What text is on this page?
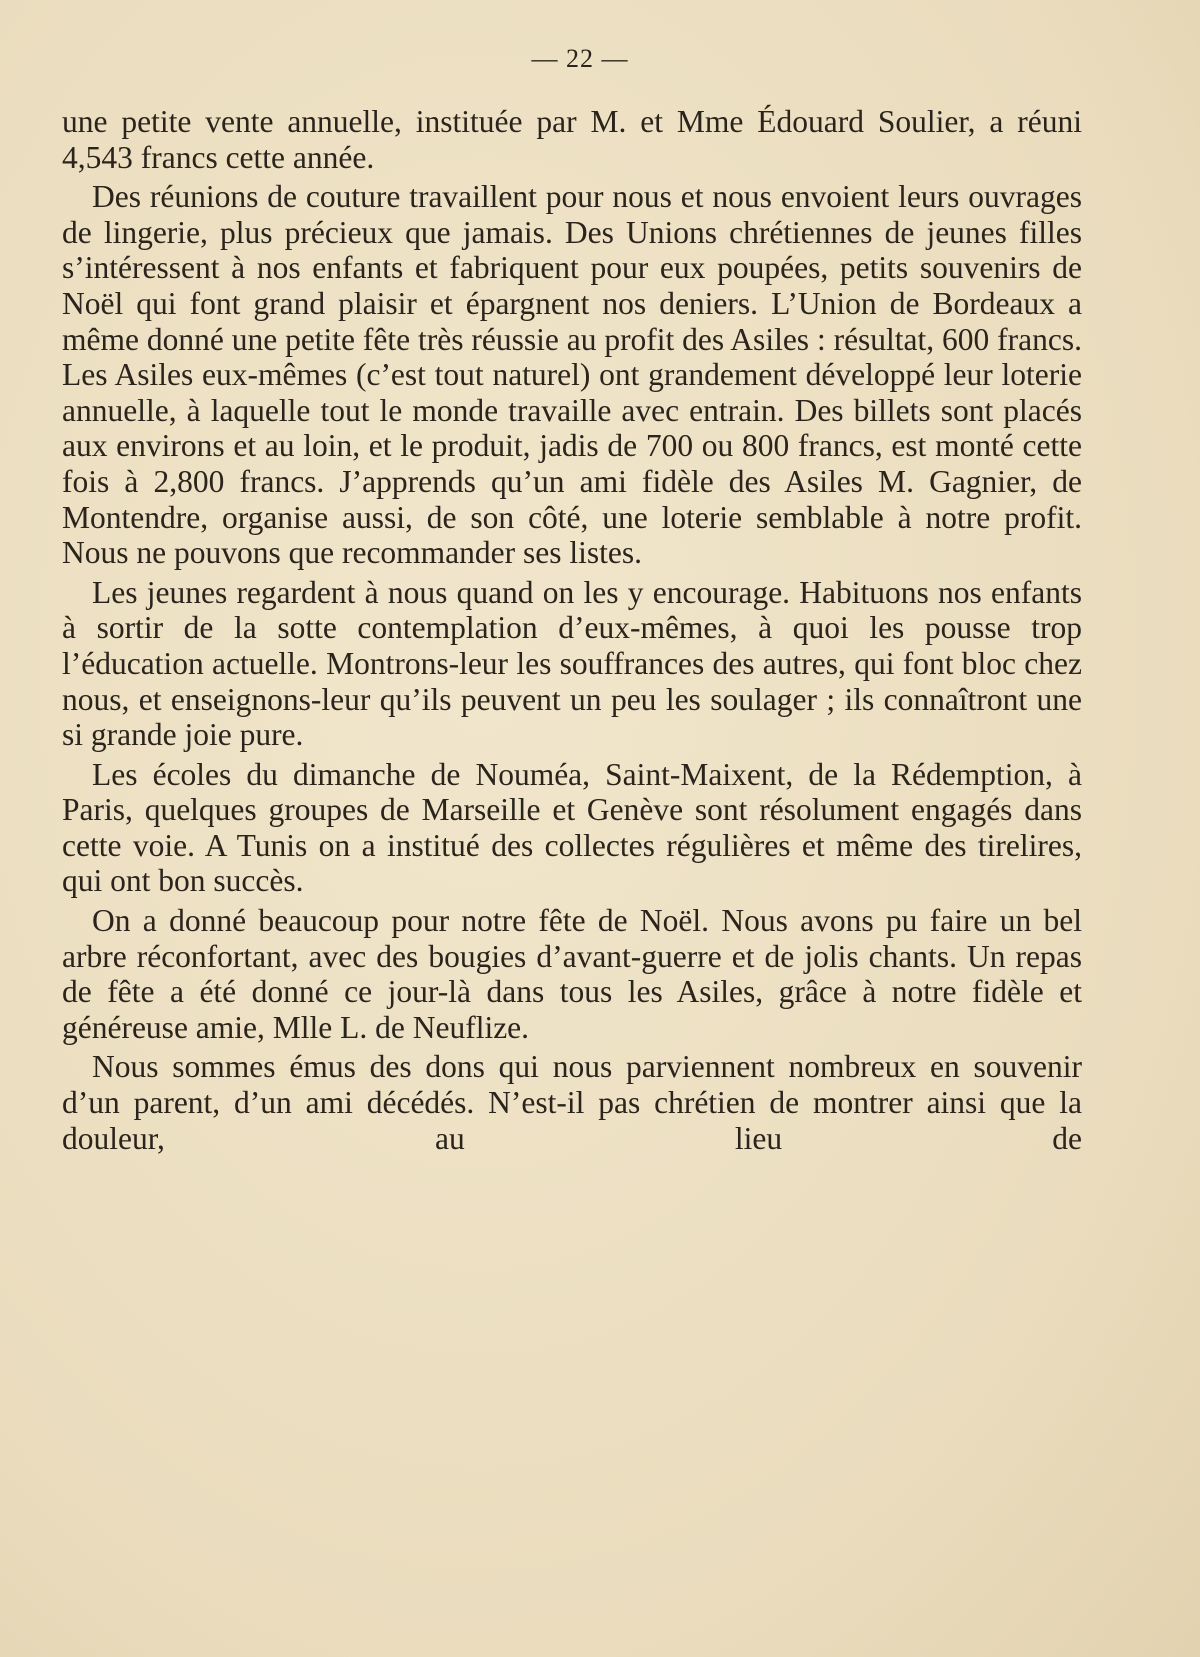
— 22 —

une petite vente annuelle, instituée par M. et Mme Édouard Soulier, a réuni 4,543 francs cette année.

Des réunions de couture travaillent pour nous et nous envoient leurs ouvrages de lingerie, plus précieux que jamais. Des Unions chrétiennes de jeunes filles s’intéressent à nos enfants et fabriquent pour eux poupées, petits souvenirs de Noël qui font grand plaisir et épargnent nos deniers. L’Union de Bordeaux a même donné une petite fête très réussie au profit des Asiles : résultat, 600 francs. Les Asiles eux-mêmes (c’est tout naturel) ont grandement développé leur loterie annuelle, à laquelle tout le monde travaille avec entrain. Des billets sont placés aux environs et au loin, et le produit, jadis de 700 ou 800 francs, est monté cette fois à 2,800 francs. J’apprends qu’un ami fidèle des Asiles M. Gagnier, de Montendre, organise aussi, de son côté, une loterie semblable à notre profit. Nous ne pouvons que recommander ses listes.

Les jeunes regardent à nous quand on les y encourage. Habituons nos enfants à sortir de la sotte contemplation d’eux-mêmes, à quoi les pousse trop l’éducation actuelle. Montrons-leur les souffrances des autres, qui font bloc chez nous, et enseignons-leur qu’ils peuvent un peu les soulager ; ils connaîtront une si grande joie pure.

Les écoles du dimanche de Nouméa, Saint-Maixent, de la Rédemption, à Paris, quelques groupes de Marseille et Genève sont résolument engagés dans cette voie. A Tunis on a institué des collectes régulières et même des tirelires, qui ont bon succès.

On a donné beaucoup pour notre fête de Noël. Nous avons pu faire un bel arbre réconfortant, avec des bougies d’avant-guerre et de jolis chants. Un repas de fête a été donné ce jour-là dans tous les Asiles, grâce à notre fidèle et généreuse amie, Mlle L. de Neuflize.

Nous sommes émus des dons qui nous parviennent nombreux en souvenir d’un parent, d’un ami décédés. N’est-il pas chrétien de montrer ainsi que la douleur, au lieu de
